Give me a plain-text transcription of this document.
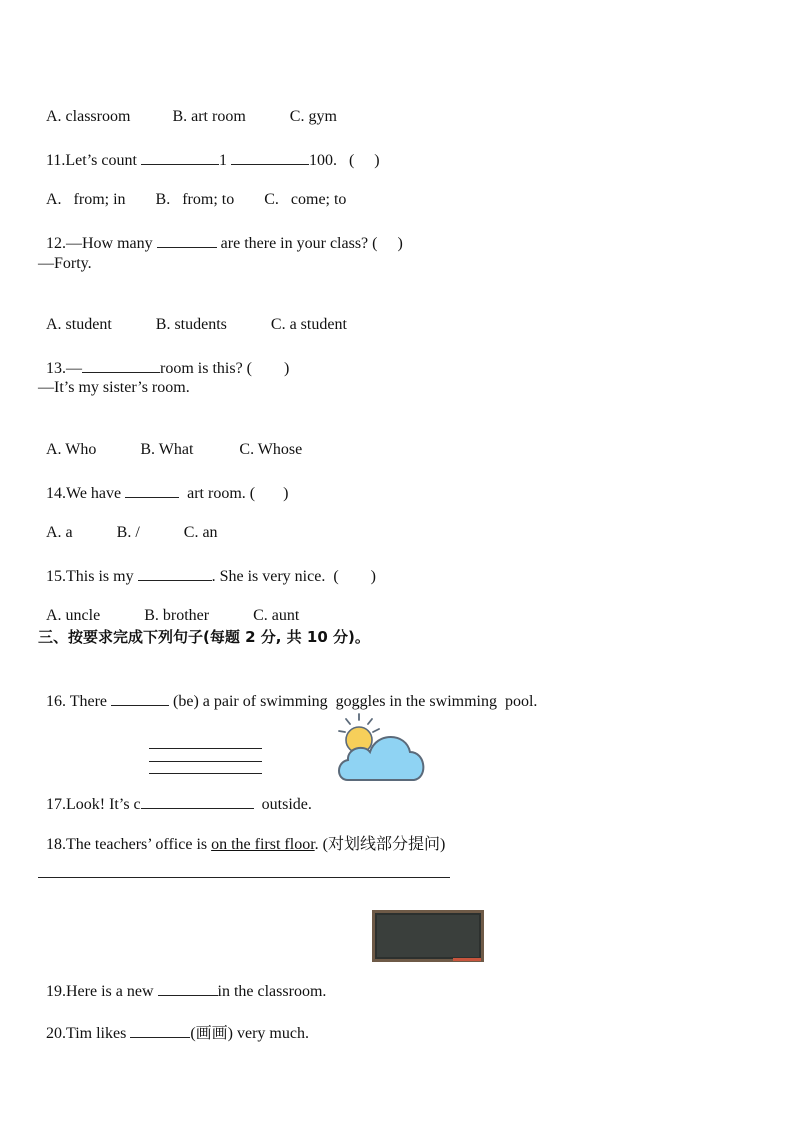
A. classroom	B. art room	C. gym

11.Let’s count	1	100.   (     )

A.   from; in B.   from; to C.   come; to

12.—How many	are there in your class? (     )

—Forty.

A. student	B. students	C. a student

13.—	room is this? (        )

—It’s my sister’s room.

A. Who	B. What	C. Whose

14.We have	art room. (       )

A. a	B. /	C. an

15.This is my	. She is very nice.  (        )

A. uncle	B. brother	C. aunt

三、按要求完成下列句子(每题 2 分, 共 10 分)。

16. There	(be) a pair of swimming  goggles in the swimming  pool.

17.Look! It’s c	outside.

18.The teachers’ office is on the first floor. (对划线部分提问)

19.Here is a new	in the classroom.

20.Tim likes	(画画) very much.
